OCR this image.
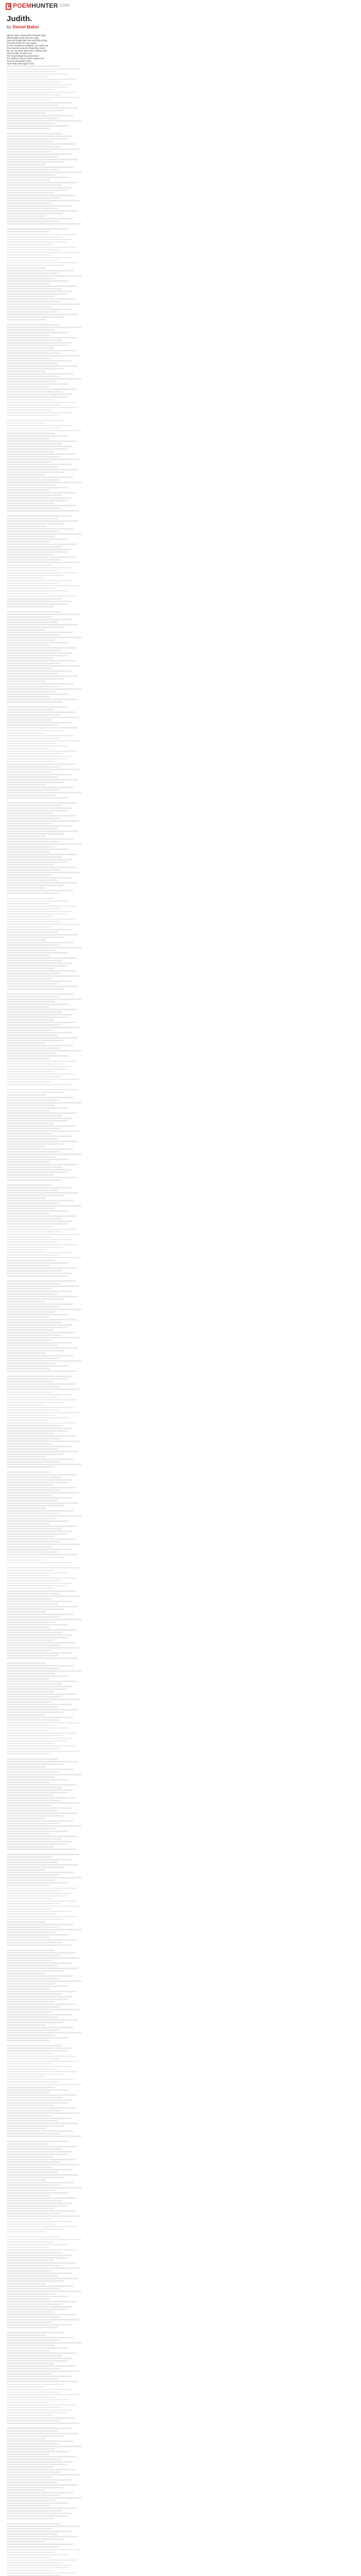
POEM HUNTER .com
Judith.
by Daniel Baker

Speak, Muse, whose wild Hosanna rings

What mighty Rome did once sing,

Upon the mighty Man who did Roma bring,

To sit his Pomp her once again,

In such Impetuous Numbers, and Vital note:

The Ancient Honours of that Holy Ghost:

Do; nor my Muse will not tho' Jealous take

She'll invoke me with men;

Tho' long already they have been

The Tether'd Theme of the Antique Poe:

The fan and gentle Poem:

Such Ruin was fought to bin:
